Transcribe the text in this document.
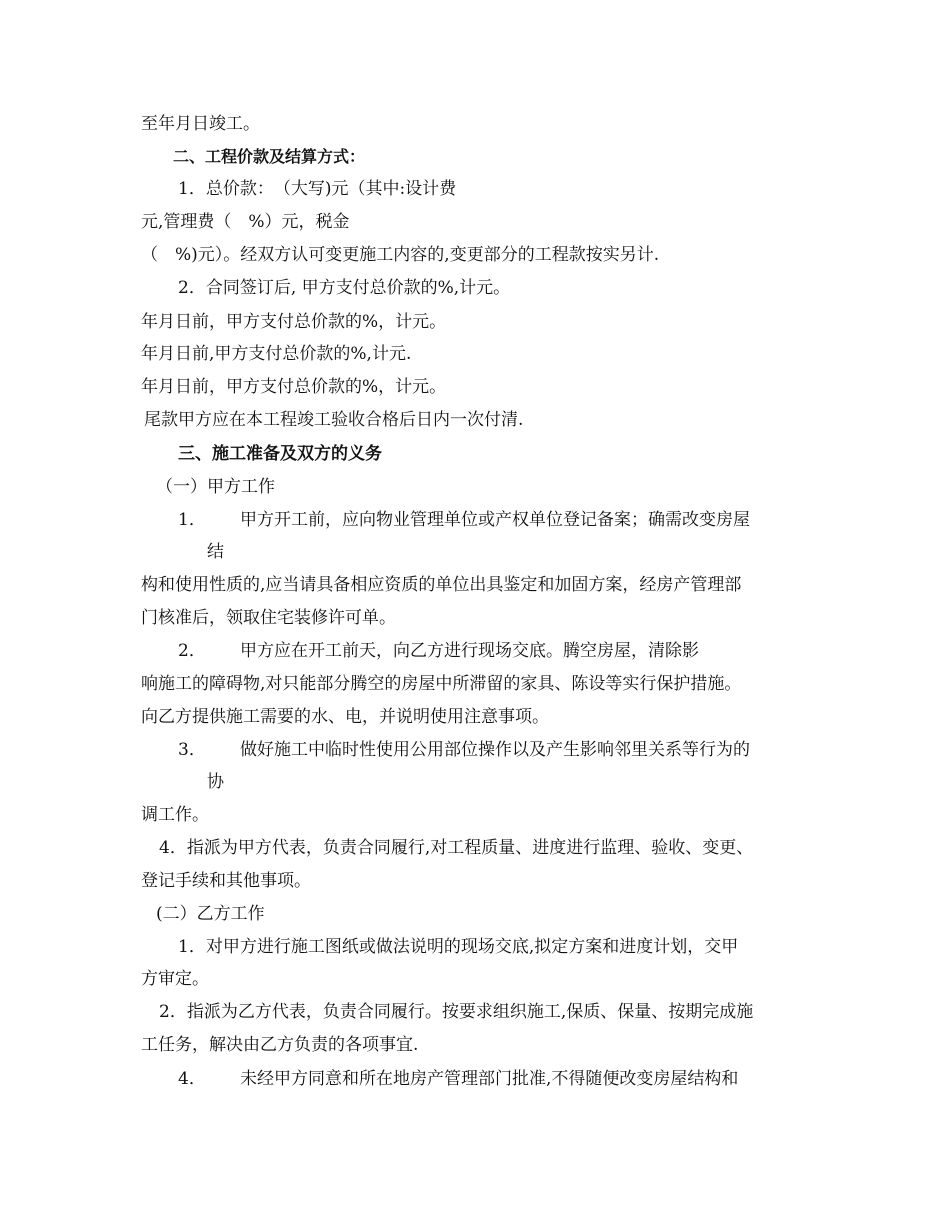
至年月日竣工。
二、工程价款及结算方式：
1．总价款：　（大写)元（其中:设计费
元,管理费（　%）元，税金
（　%)元）。经双方认可变更施工内容的,变更部分的工程款按实另计.
2．合同签订后, 甲方支付总价款的%,计元。
年月日前，甲方支付总价款的%，计元。
年月日前,甲方支付总价款的%,计元.
年月日前，甲方支付总价款的%，计元。
尾款甲方应在本工程竣工验收合格后日内一次付清.
三、施工准备及双方的义务
（一）甲方工作
1． 甲方开工前，应向物业管理单位或产权单位登记备案；确需改变房屋
结
构和使用性质的,应当请具备相应资质的单位出具鉴定和加固方案，经房产管理部
门核准后，领取住宅装修许可单。
2． 甲方应在开工前天，向乙方进行现场交底。腾空房屋，清除影
响施工的障碍物,对只能部分腾空的房屋中所滞留的家具、陈设等实行保护措施。
向乙方提供施工需要的水、电，并说明使用注意事项。
3． 做好施工中临时性使用公用部位操作以及产生影响邻里关系等行为的
协
调工作。
4．指派为甲方代表，负责合同履行,对工程质量、进度进行监理、验收、变更、
登记手续和其他事项。
(二）乙方工作
1．对甲方进行施工图纸或做法说明的现场交底,拟定方案和进度计划，交甲
方审定。
2．指派为乙方代表，负责合同履行。按要求组织施工,保质、保量、按期完成施
工任务，解决由乙方负责的各项事宜.
4． 未经甲方同意和所在地房产管理部门批准,不得随便改变房屋结构和
